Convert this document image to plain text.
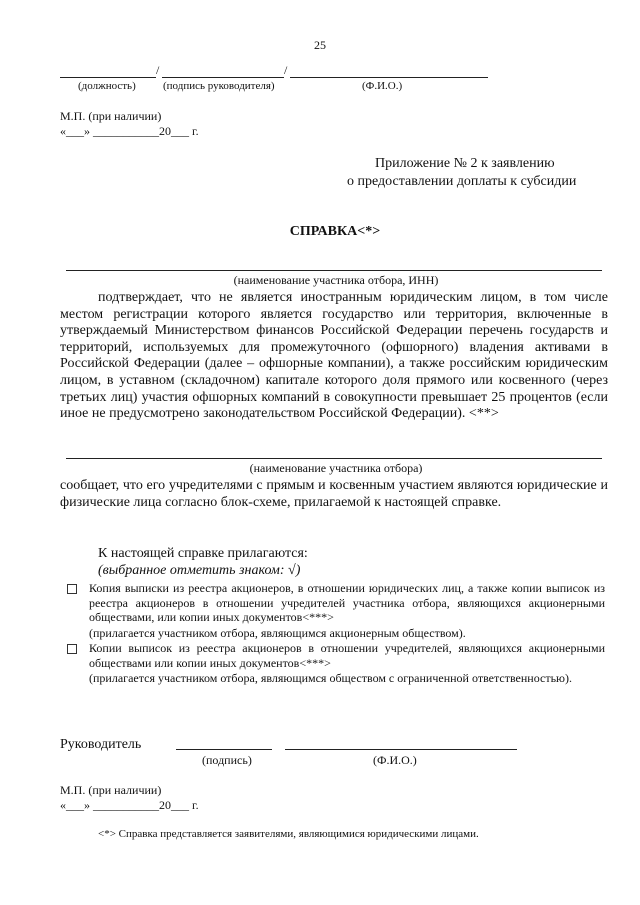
25
/	/
(должность) (подпись руководителя)	(Ф.И.О.)
М.П. (при наличии)
«___» ___________20___ г.
Приложение № 2 к заявлению
о предоставлении доплаты к субсидии
СПРАВКА<*>
(наименование участника отбора, ИНН)
подтверждает, что не является иностранным юридическим лицом, в том числе местом регистрации которого является государство или территория, включенные в утверждаемый Министерством финансов Российской Федерации перечень государств и территорий, используемых для промежуточного (офшорного) владения активами в Российской Федерации (далее – офшорные компании), а также российским юридическим лицом, в уставном (складочном) капитале которого доля прямого или косвенного (через третьих лиц) участия офшорных компаний в совокупности превышает 25 процентов (если иное не предусмотрено законодательством Российской Федерации). <**>
(наименование участника отбора)
сообщает, что его учредителями с прямым и косвенным участием являются юридические и физические лица согласно блок-схеме, прилагаемой к настоящей справке.
К настоящей справке прилагаются:
(выбранное отметить знаком: √)
Копия выписки из реестра акционеров, в отношении юридических лиц, а также копии выписок из реестра акционеров в отношении учредителей участника отбора, являющихся акционерными обществами, или копии иных документов<***>
(прилагается участником отбора, являющимся акционерным обществом).
Копии выписок из реестра акционеров в отношении учредителей, являющихся акционерными обществами или копии иных документов<***>
(прилагается участником отбора, являющимся обществом с ограниченной ответственностью).
Руководитель
(подпись)	(Ф.И.О.)
М.П. (при наличии)
«___» ___________20___ г.
<*> Справка представляется заявителями, являющимися юридическими лицами.
